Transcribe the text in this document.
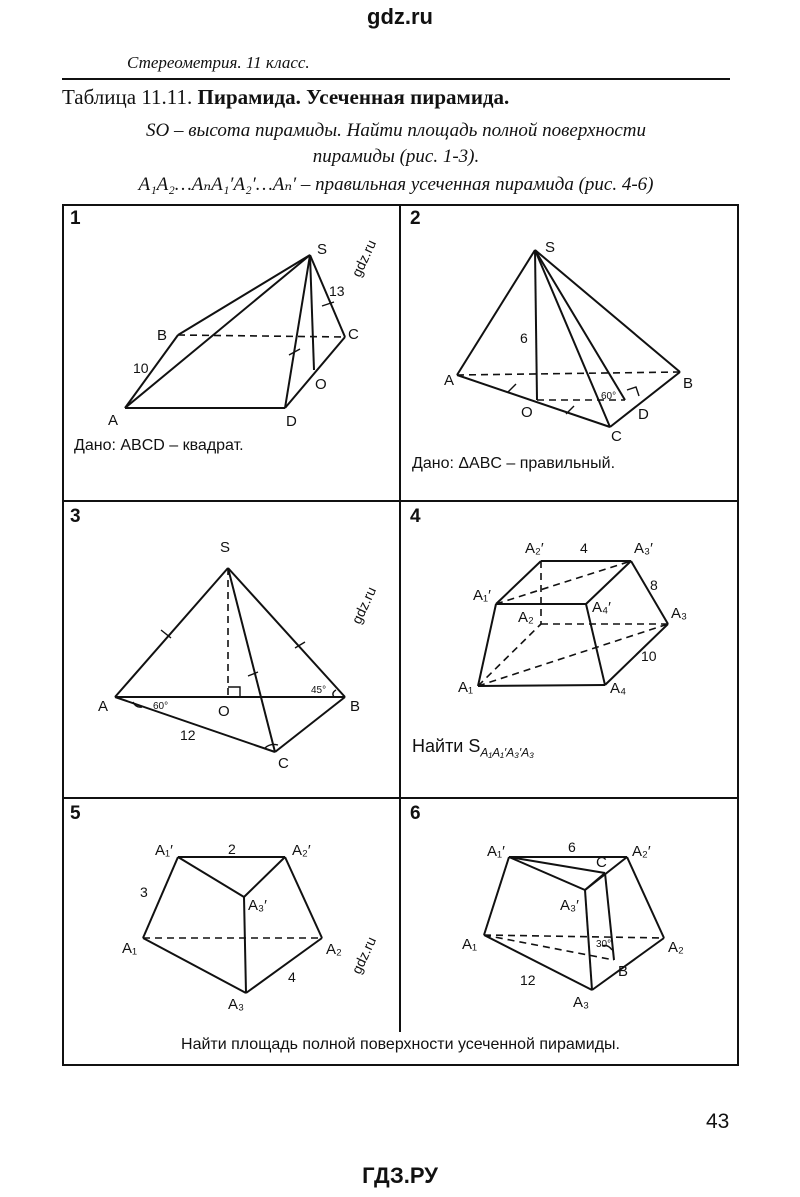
gdz.ru
Стереометрия. 11 класс.
Таблица 11.11. Пирамида. Усеченная пирамида.
SO – высота пирамиды. Найти площадь полной поверхности
пирамиды (рис. 1-3).
A₁A₂…AₙA₁′A₂′…Aₙ′ – правильная усеченная пирамида (рис. 4-6)
1	2
3	4
5	6
Дано: ABCD – квадрат.
Дано: ΔABC – правильный.
Найти $S_{A_1A_1'A_3'A_3}$
gdz.ru
gdz.ru
gdz.ru
S
B	C
A	D
O
10
13
S
A	B
C
D
O
6
60°
S
A	B
C
O
12
60°
45°
A₂′	A₃′
A₁′
A₄′
A₂	A₃
A₁	A₄
4
8
10
A₁′	A₂′
A₃′
A₁	A₂
A₃
2
3
4
A₁′	A₂′
C
A₃′
A₁	A₂
B
A₃
6
12
30°
Найти площадь полной поверхности усеченной пирамиды.
43
ГДЗ.РУ
